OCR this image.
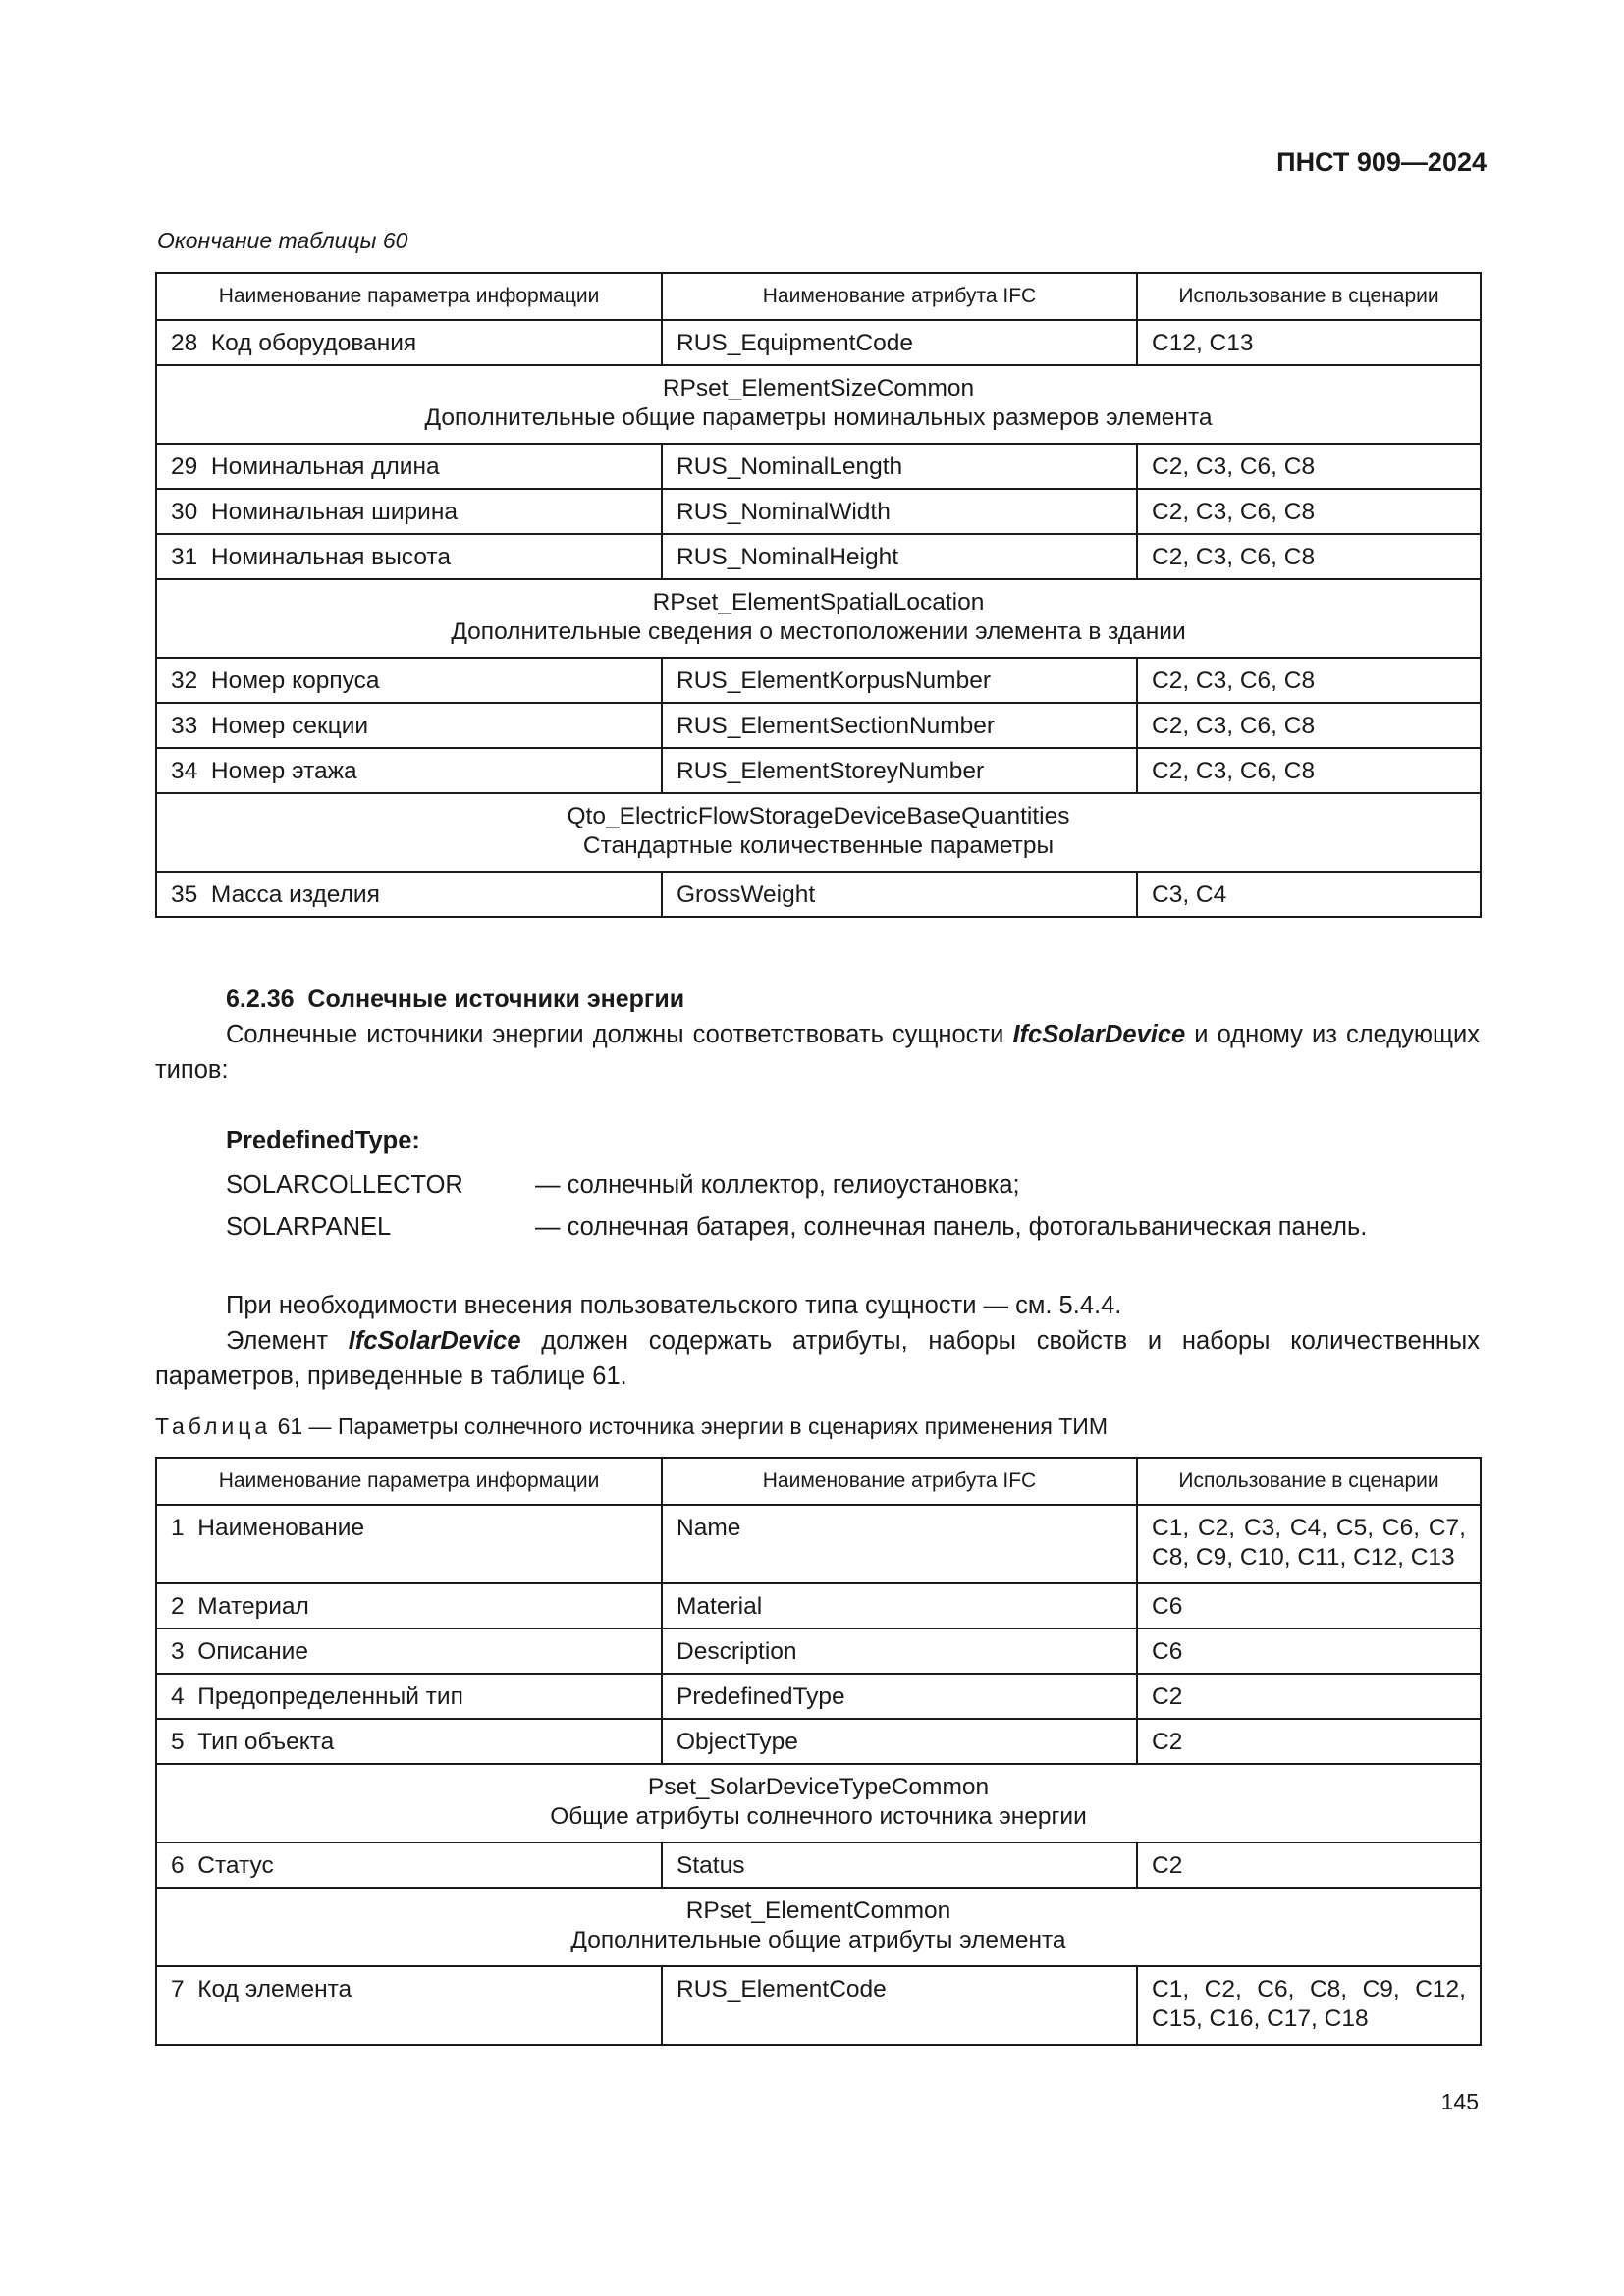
ПНСТ 909—2024
Окончание таблицы 60
Наименование параметра информации	Наименование атрибута IFC	Использование в сценарии
28 Код оборудования	RUS_EquipmentCode	C12, C13

RPset_ElementSizeCommon
Дополнительные общие параметры номинальных размеров элемента		

29 Номинальная длина	RUS_NominalLength	C2, C3, C6, C8
30 Номинальная ширина	RUS_NominalWidth	C2, C3, C6, C8
31 Номинальная высота	RUS_NominalHeight	C2, C3, C6, C8

RPset_ElementSpatialLocation
Дополнительные сведения о местоположении элемента в здании		

32 Номер корпуса	RUS_ElementKorpusNumber	C2, C3, C6, C8
33 Номер секции	RUS_ElementSectionNumber	C2, C3, C6, C8
34 Номер этажа	RUS_ElementStoreyNumber	C2, C3, C6, C8

Qto_ElectricFlowStorageDeviceBaseQuantities
Стандартные количественные параметры		

35 Масса изделия	GrossWeight	C3, C4
6.2.36 Солнечные источники энергии
Солнечные источники энергии должны соответствовать сущности IfcSolarDevice и одному из следующих типов:
PredefinedType:
SOLARCOLLECTOR	— солнечный коллектор, гелиоустановка;
SOLARPANEL	— солнечная батарея, солнечная панель, фотогальваническая панель.
При необходимости внесения пользовательского типа сущности — см. 5.4.4.
Элемент IfcSolarDevice должен содержать атрибуты, наборы свойств и наборы количественных параметров, приведенные в таблице 61.
Таблица 61 — Параметры солнечного источника энергии в сценариях применения ТИМ
Наименование параметра информации	Наименование атрибута IFC	Использование в сценарии
1 Наименование	Name	C1, C2, C3, C4, C5, C6, C7,
C8, C9, C10, C11, C12, C13

2 Материал	Material	C6
3 Описание	Description	C6
4 Предопределенный тип	PredefinedType	C2
5 Тип объекта	ObjectType	C2

Pset_SolarDeviceTypeCommon
Общие атрибуты солнечного источника энергии		

6 Статус	Status	C2

RPset_ElementCommon
Дополнительные общие атрибуты элемента		

7 Код элемента	RUS_ElementCode	C1, C2, C6, C8, C9, C12,
C15, C16, C17, C18
145
